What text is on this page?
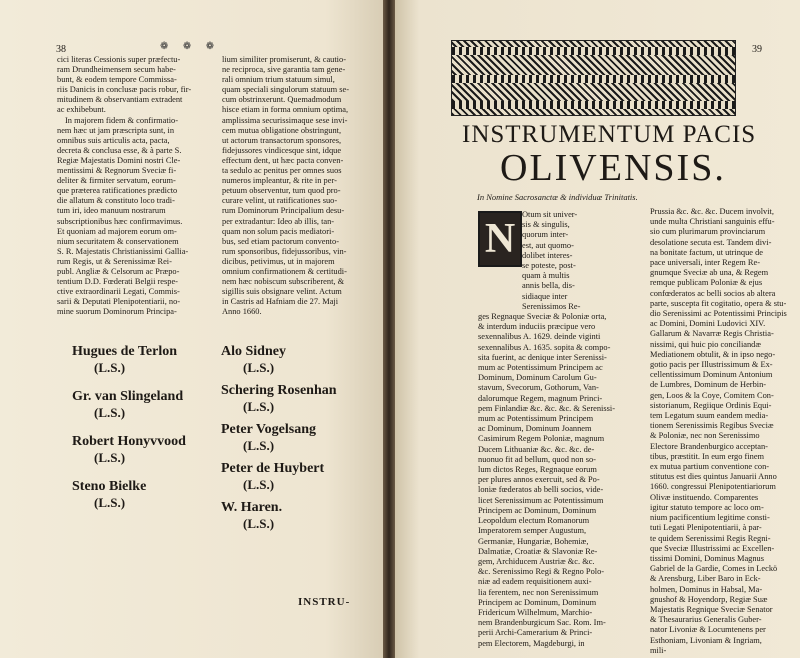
38	❁ ❁ ❁
cici literas Cessionis super præfectu-
ram Drundheimensem secum habe-
bunt, & eodem tempore Commissa-
riis Danicis in conclusæ pacis robur, fir-
mitudinem & observantiam extradent
ac exhibebunt.
In majorem fidem & confirmatio-
nem hæc ut jam præscripta sunt, in
omnibus suis articulis acta, pacta,
decreta & conclusa esse, & à parte S.
Regiæ Majestatis Domini nostri Cle-
mentissimi & Regnorum Sveciæ fi-
deliter & firmiter servatum, eorum-
que præterea ratificationes prædicto
die allatum & constituto loco tradi-
tum iri, ideo manuum nostrarum
subscriptionibus hæc confirmavimus.
Et quoniam ad majorem eorum om-
nium securitatem & conservationem
S. R. Majestatis Christianissimi Gallia-
rum Regis, ut & Serenissimæ Rei-
publ. Angliæ & Celsorum ac Præpo-
tentium D.D. Fœderati Belgii respe-
ctive extraordinarii Legati, Commis-
sarii & Deputati Plenipotentiarii, no-
mine suorum Dominorum Principa-
lium similiter promiserunt, & cautio-
ne reciproca, sive garantia tam gene-
rali omnium trium statuum simul,
quam speciali singulorum statuum se-
cum obstrinxerunt. Quemadmodum
hisce etiam in forma omnium optima,
amplissima securissimaque sese invi-
cem mutua obligatione obstringunt,
ut actorum transactorum sponsores,
fidejussores vindicesque sint, idque
effectum dent, ut hæc pacta conven-
ta sedulo ac penitus per omnes suos
numeros impleantur, & rite in per-
petuum observentur, tum quod pro-
curare velint, ut ratificationes suo-
rum Dominorum Principalium desu-
per extradantur: Ideo ab illis, tan-
quam non solum pacis mediatori-
bus, sed etiam pactorum convento-
rum sponsoribus, fidejussoribus, vin-
dicibus, petivimus, ut in majorem
omnium confirmationem & certitudi-
nem hæc nobiscum subscriberent, &
sigillis suis obsignare velint. Actum
in Castris ad Hafniam die 27. Maji
Anno 1660.
Hugues de Terlon
(L.S.)
Gr. van Slingeland
(L.S.)
Robert Honyvvood
(L.S.)
Steno Bielke
(L.S.)
Alo Sidney
(L.S.)
Schering Rosenhan
(L.S.)
Peter Vogelsang
(L.S.)
Peter de Huybert
(L.S.)
W. Haren.
(L.S.)
INSTRU-
39
INSTRUMENTUM PACIS
OLIVENSIS.
In Nomine Sacrosanctæ & individuæ Trinitatis.
N
Otum sit univer-
sis & singulis,
quorum inter-
est, aut quomo-
dolibet interes-
se poteste, post-
quam à multis
annis bella, dis-
sidiaque inter
Serenissimos Re-
ges Regnaque Sveciæ & Poloniæ orta,
& interdum induciis præcipue vero
sexennalibus A. 1629. deinde viginti
sexennalibus A. 1635. sopita & compo-
sita fuerint, ac denique inter Serenissi-
mum ac Potentissimum Principem ac
Dominum, Dominum Carolum Gu-
stavum, Svecorum, Gothorum, Van-
dalorumque Regem, magnum Princi-
pem Finlandiæ &c. &c. &c. & Serenissi-
mum ac Potentissimum Principem
ac Dominum, Dominum Joannem
Casimirum Regem Poloniæ, magnum
Ducem Lithuaniæ &c. &c. &c. de-
nuonuo fit ad bellum, quod non so-
lum dictos Reges, Regnaque eorum
per plures annos exercuit, sed & Po-
loniæ fœderatos ab belli socios, vide-
licet Serenissimum ac Potentissimum
Principem ac Dominum, Dominum
Leopoldum electum Romanorum
Imperatorem semper Augustum,
Germaniæ, Hungariæ, Bohemiæ,
Dalmatiæ, Croatiæ & Slavoniæ Re-
gem, Archiducem Austriæ &c. &c.
&c. Serenissimo Regi & Regno Polo-
niæ ad eadem requisitionem auxi-
lia ferentem, nec non Serenissimum
Principem ac Dominum, Dominum
Fridericum Wilhelmum, Marchio-
nem Brandenburgicum Sac. Rom. Im-
perii Archi-Camerarium & Princi-
pem Electorem, Magdeburgi, in
Prussia &c. &c. &c. Ducem involvit,
unde multa Christiani sanguinis effu-
sio cum plurimarum provinciarum
desolatione secuta est. Tandem divi-
na bonitate factum, ut utrinque de
pace universali, inter Regem Re-
gnumque Sveciæ ab una, & Regem
remque publicam Poloniæ & ejus
confœderatos ac belli socios ab altera
parte, suscepta fit cogitatio, opera & stu-
dio Serenissimi ac Potentissimi Principis
ac Domini, Domini Ludovici XIV.
Gallarum & Navarræ Regis Christia-
nissimi, qui huic pio conciliandæ
Mediationem obtulit, & in ipso nego-
gotio pacis per Illustrissimum & Ex-
cellentissimum Dominum Antonium
de Lumbres, Dominum de Herbin-
gen, Loos & la Coye, Comitem Con-
sistorianum, Regiique Ordinis Equi-
tem Legatum suum eandem media-
tionem Serenissimis Regibus Sveciæ
& Poloniæ, nec non Serenissimo
Electore Brandenburgico acceptan-
tibus, præstitit. In eum ergo finem
ex mutua partium conventione con-
stitutus est dies quintus Januarii Anno
1660. congressui Plenipotentiariorum
Olivæ instituendo. Comparentes
igitur statuto tempore ac loco om-
nium pacificentium legitime consti-
tuti Legati Plenipotentiarii, à par-
te quidem Serenissimi Regis Regni-
que Sveciæ Illustrissimi ac Excellen-
tissimi Domini, Dominus Magnus
Gabriel de la Gardie, Comes in Leckö
& Arensburg, Liber Baro in Eck-
holmen, Dominus in Habsal, Ma-
gnushof & Hoyendorp, Regiæ Suæ
Majestatis Regnique Sveciæ Senator
& Thesaurarius Generalis Guber-
nator Livoniæ & Locumtenens per
Esthoniam, Livoniam & Ingriam,
mili-
